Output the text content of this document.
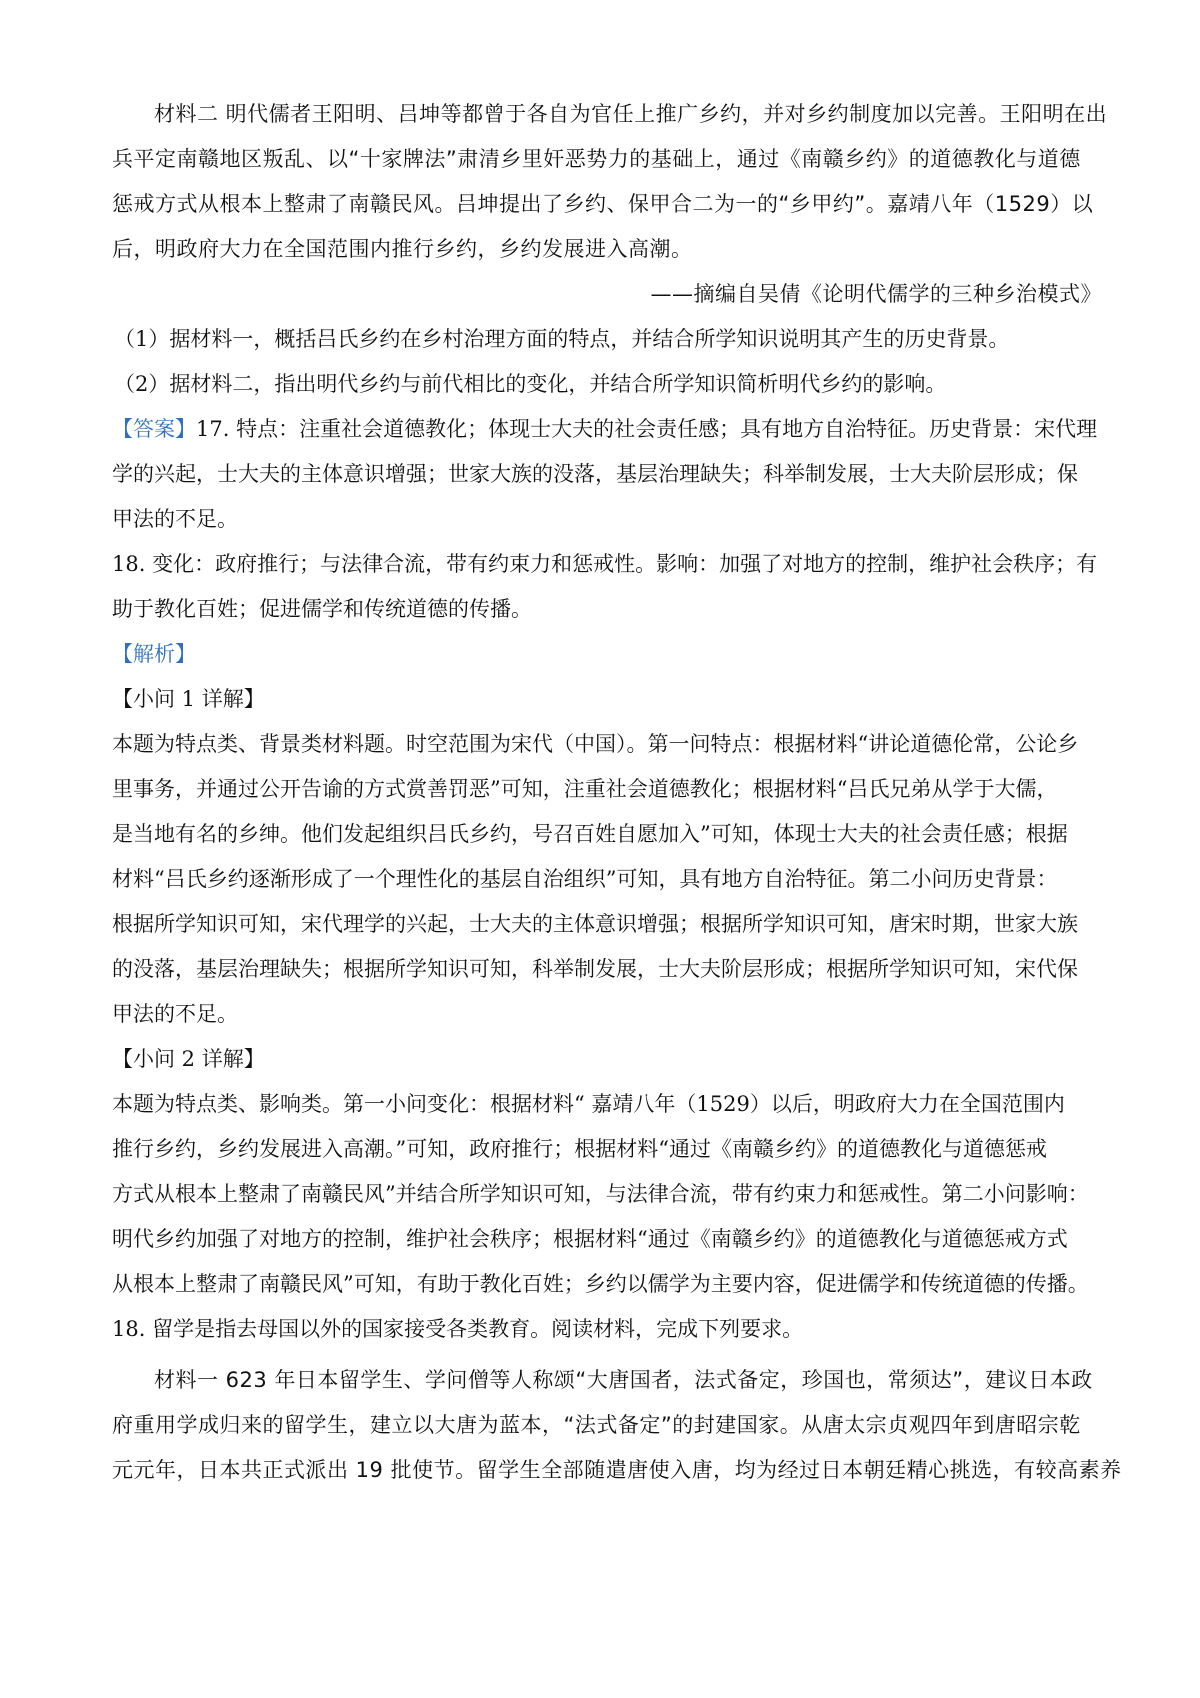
材料二 明代儒者王阳明、吕坤等都曾于各自为官任上推广乡约，并对乡约制度加以完善。王阳明在出
兵平定南赣地区叛乱、以“十家牌法”肃清乡里奸恶势力的基础上，通过《南赣乡约》的道德教化与道德
惩戒方式从根本上整肃了南赣民风。吕坤提出了乡约、保甲合二为一的“乡甲约”。嘉靖八年（1529）以
后，明政府大力在全国范围内推行乡约，乡约发展进入高潮。
——摘编自吴倩《论明代儒学的三种乡治模式》
（1）据材料一，概括吕氏乡约在乡村治理方面的特点，并结合所学知识说明其产生的历史背景。
（2）据材料二，指出明代乡约与前代相比的变化，并结合所学知识简析明代乡约的影响。
【答案】17. 特点：注重社会道德教化；体现士大夫的社会责任感；具有地方自治特征。历史背景：宋代理
学的兴起，士大夫的主体意识增强；世家大族的没落，基层治理缺失；科举制发展，士大夫阶层形成；保
甲法的不足。
18. 变化：政府推行；与法律合流，带有约束力和惩戒性。影响：加强了对地方的控制，维护社会秩序；有
助于教化百姓；促进儒学和传统道德的传播。
【解析】
【小问 1 详解】
本题为特点类、背景类材料题。时空范围为宋代（中国）。第一问特点：根据材料“讲论道德伦常，公论乡
里事务，并通过公开告谕的方式赏善罚恶”可知，注重社会道德教化；根据材料“吕氏兄弟从学于大儒，
是当地有名的乡绅。他们发起组织吕氏乡约，号召百姓自愿加入”可知，体现士大夫的社会责任感；根据
材料“吕氏乡约逐渐形成了一个理性化的基层自治组织”可知，具有地方自治特征。第二小问历史背景：
根据所学知识可知，宋代理学的兴起，士大夫的主体意识增强；根据所学知识可知，唐宋时期，世家大族
的没落，基层治理缺失；根据所学知识可知，科举制发展，士大夫阶层形成；根据所学知识可知，宋代保
甲法的不足。
【小问 2 详解】
本题为特点类、影响类。第一小问变化：根据材料“ 嘉靖八年（1529）以后，明政府大力在全国范围内
推行乡约，乡约发展进入高潮。”可知，政府推行；根据材料“通过《南赣乡约》的道德教化与道德惩戒
方式从根本上整肃了南赣民风”并结合所学知识可知，与法律合流，带有约束力和惩戒性。第二小问影响：
明代乡约加强了对地方的控制，维护社会秩序；根据材料“通过《南赣乡约》的道德教化与道德惩戒方式
从根本上整肃了南赣民风”可知，有助于教化百姓；乡约以儒学为主要内容，促进儒学和传统道德的传播。
18. 留学是指去母国以外的国家接受各类教育。阅读材料，完成下列要求。
材料一 623 年日本留学生、学问僧等人称颂“大唐国者，法式备定，珍国也，常须达”，建议日本政
府重用学成归来的留学生，建立以大唐为蓝本，“法式备定”的封建国家。从唐太宗贞观四年到唐昭宗乾
元元年，日本共正式派出 19 批使节。留学生全部随遣唐使入唐，均为经过日本朝廷精心挑选，有较高素养
